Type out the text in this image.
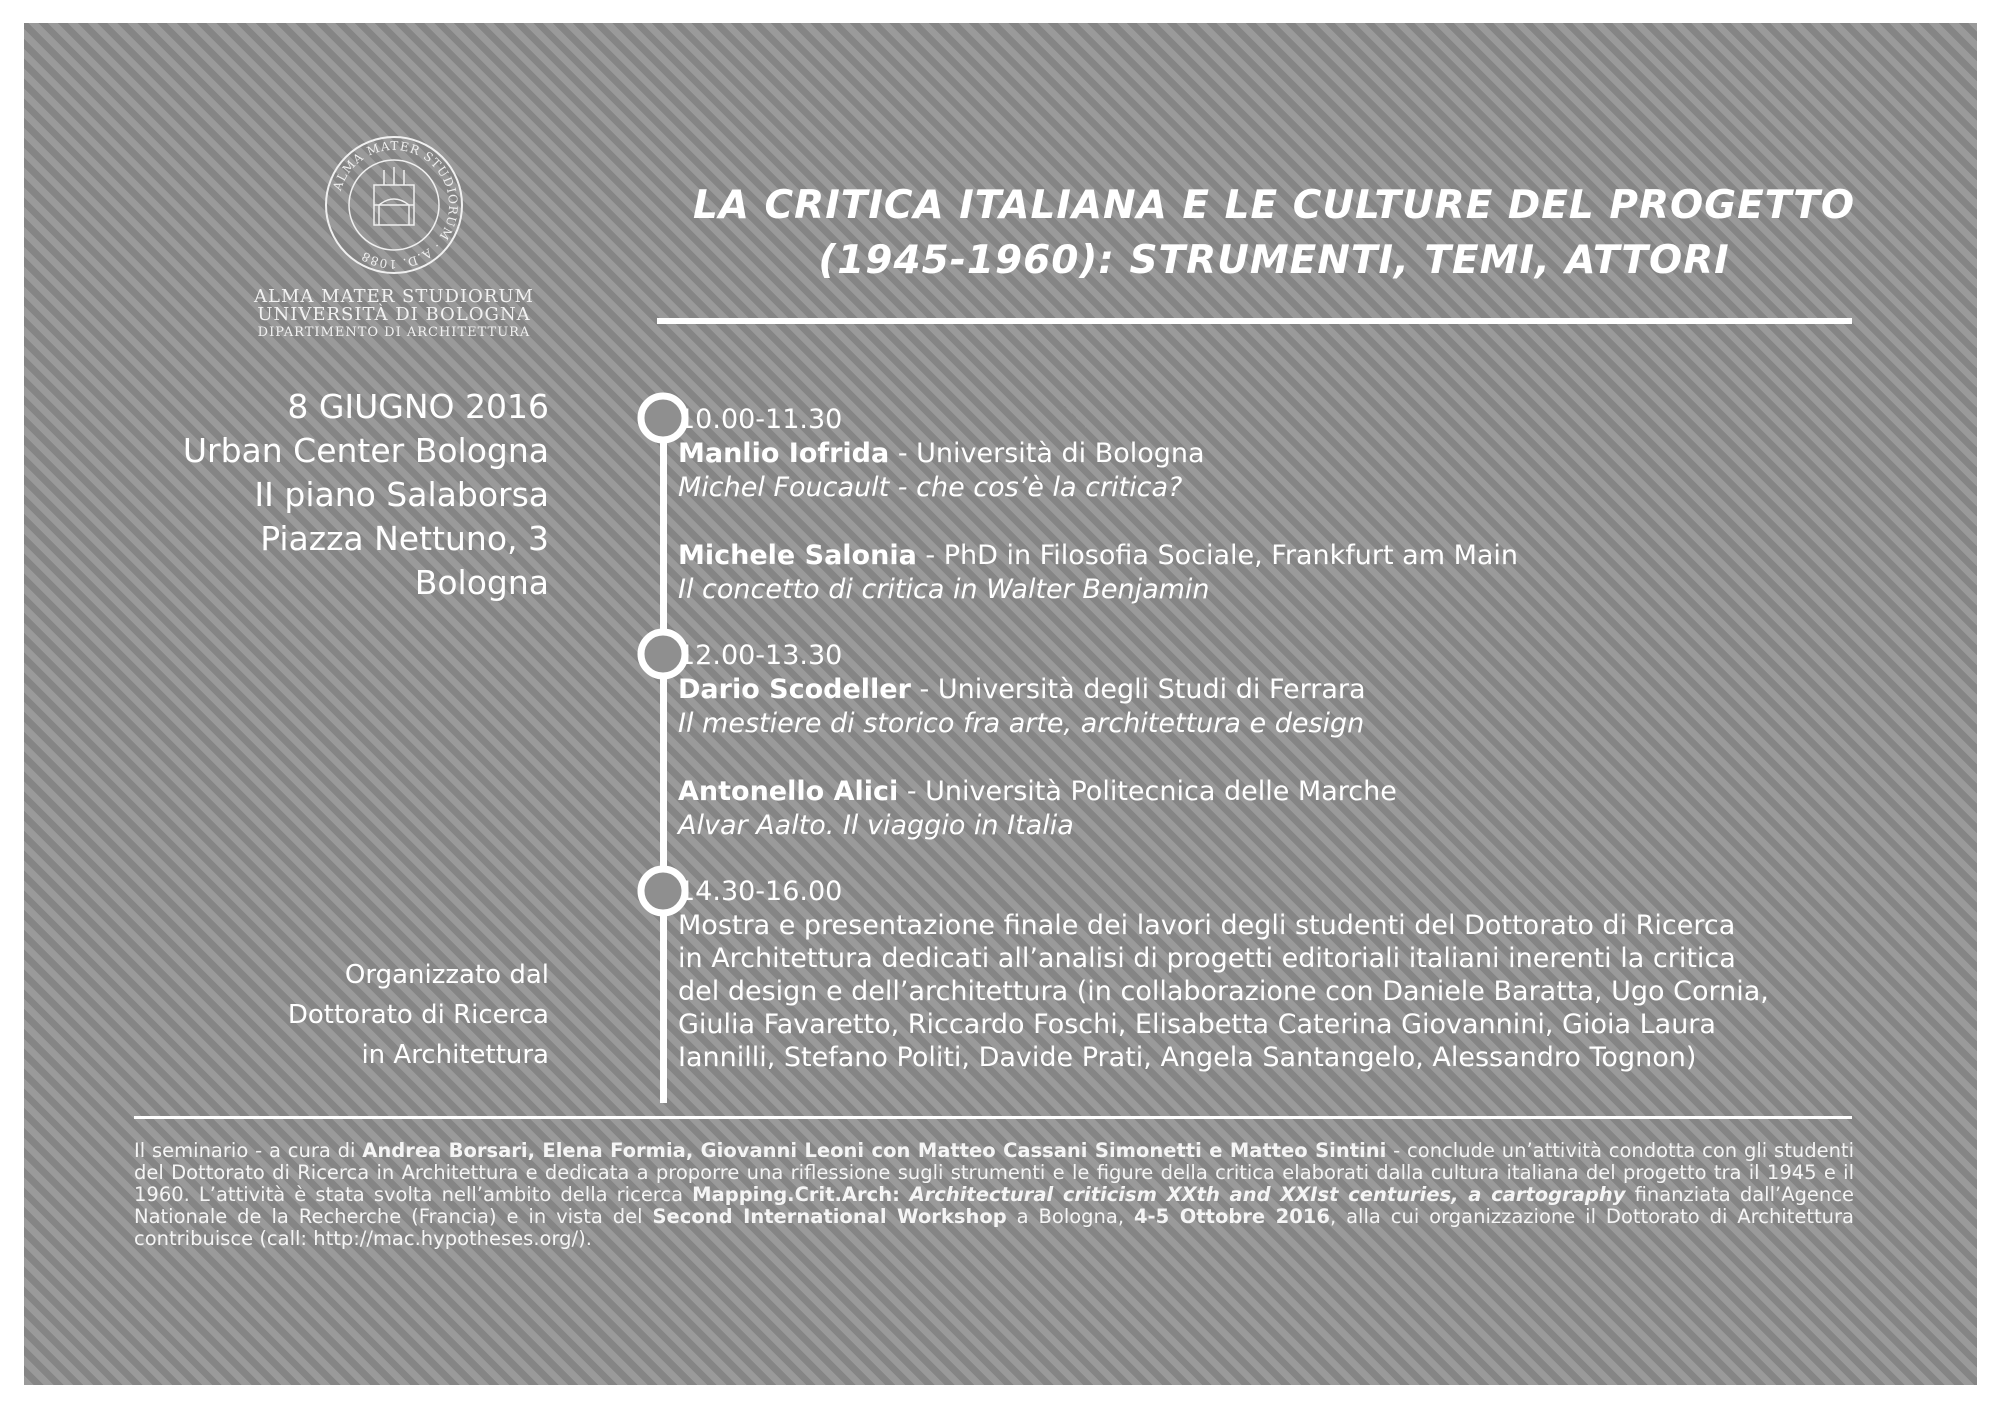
ALMA MATER STUDIORUM · A.D. 1088
ALMA MATER STUDIORUM
UNIVERSITÀ DI BOLOGNA
DIPARTIMENTO DI ARCHITETTURA
LA CRITICA ITALIANA E LE CULTURE DEL PROGETTO
(1945-1960): STRUMENTI, TEMI, ATTORI
8 GIUGNO 2016
Urban Center Bologna
II piano Salaborsa
Piazza Nettuno, 3
Bologna
Organizzato dal
Dottorato di Ricerca
in Architettura
10.00-11.30
Manlio Iofrida - Università di Bologna
Michel Foucault - che cos’è la critica?
Michele Salonia - PhD in Filosofia Sociale, Frankfurt am Main
Il concetto di critica in Walter Benjamin
12.00-13.30
Dario Scodeller - Università degli Studi di Ferrara
Il mestiere di storico fra arte, architettura e design
Antonello Alici - Università Politecnica delle Marche
Alvar Aalto. Il viaggio in Italia
14.30-16.00
Mostra e presentazione finale dei lavori degli studenti del Dottorato di Ricerca
in Architettura dedicati all’analisi di progetti editoriali italiani inerenti la critica
del design e dell’architettura (in collaborazione con Daniele Baratta, Ugo Cornia,
Giulia Favaretto, Riccardo Foschi, Elisabetta Caterina Giovannini, Gioia Laura
Iannilli, Stefano Politi, Davide Prati, Angela Santangelo, Alessandro Tognon)
Il seminario - a cura di Andrea Borsari, Elena Formia, Giovanni Leoni con Matteo Cassani Simonetti e Matteo Sintini - conclude un’attività condotta con gli studenti del Dottorato di Ricerca in Architettura e dedicata a proporre una riflessione sugli strumenti e le figure della critica elaborati dalla cultura italiana del progetto tra il 1945 e il 1960. L’attività è stata svolta nell’ambito della ricerca Mapping.Crit.Arch: Architectural criticism XXth and XXIst centuries, a cartography finanziata dall’Agence Nationale de la Recherche (Francia) e in vista del Second International Workshop a Bologna, 4-5 Ottobre 2016, alla cui organizzazione il Dottorato di Architettura contribuisce (call: http://mac.hypotheses.org/).
